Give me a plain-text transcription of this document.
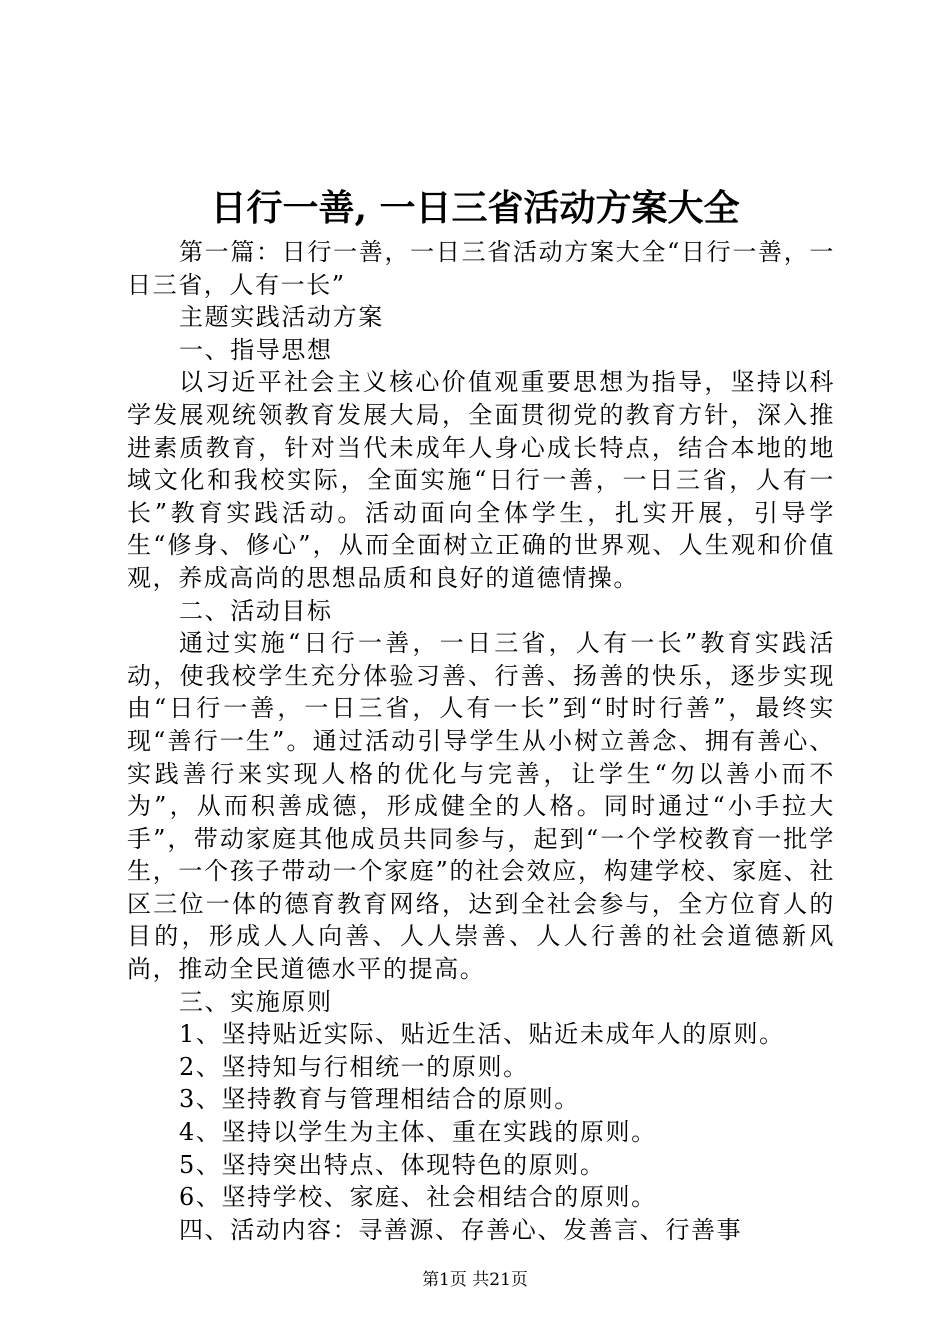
日行一善, 一日三省活动方案大全

第一篇：日行一善，一日三省活动方案大全“日行一善，一日三省，人有一长”

主题实践活动方案

一、指导思想

以习近平社会主义核心价值观重要思想为指导，坚持以科学发展观统领教育发展大局，全面贯彻党的教育方针，深入推进素质教育，针对当代未成年人身心成长特点，结合本地的地域文化和我校实际，全面实施“日行一善，一日三省，人有一长”教育实践活动。活动面向全体学生，扎实开展，引导学生“修身、修心”，从而全面树立正确的世界观、人生观和价值观，养成高尚的思想品质和良好的道德情操。

二、活动目标

通过实施“日行一善，一日三省，人有一长”教育实践活动，使我校学生充分体验习善、行善、扬善的快乐，逐步实现由“日行一善，一日三省，人有一长”到“时时行善”，最终实现“善行一生”。通过活动引导学生从小树立善念、拥有善心、实践善行来实现人格的优化与完善，让学生“勿以善小而不为”，从而积善成德，形成健全的人格。同时通过“小手拉大手”，带动家庭其他成员共同参与，起到“一个学校教育一批学生，一个孩子带动一个家庭”的社会效应，构建学校、家庭、社区三位一体的德育教育网络，达到全社会参与，全方位育人的目的，形成人人向善、人人崇善、人人行善的社会道德新风尚，推动全民道德水平的提高。

三、实施原则

1、坚持贴近实际、贴近生活、贴近未成年人的原则。

2、坚持知与行相统一的原则。

3、坚持教育与管理相结合的原则。

4、坚持以学生为主体、重在实践的原则。

5、坚持突出特点、体现特色的原则。

6、坚持学校、家庭、社会相结合的原则。

四、活动内容：寻善源、存善心、发善言、行善事

第1页 共21页
